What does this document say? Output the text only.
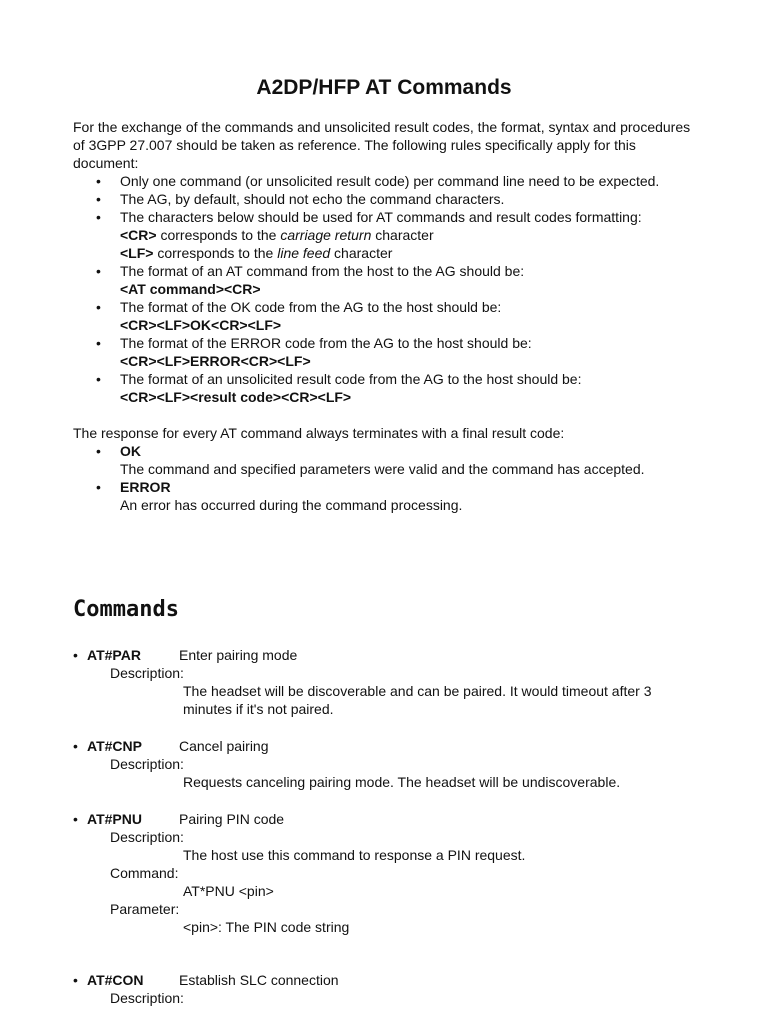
A2DP/HFP AT Commands

For the exchange of the commands and unsolicited result codes, the format, syntax and procedures of 3GPP 27.007 should be taken as reference. The following rules specifically apply for this document:

• Only one command (or unsolicited result code) per command line need to be expected.
• The AG, by default, should not echo the command characters.
• The characters below should be used for AT commands and result codes formatting:
<CR> corresponds to the carriage return character
<LF> corresponds to the line feed character
• The format of an AT command from the host to the AG should be:
<AT command><CR>
• The format of the OK code from the AG to the host should be:
<CR><LF>OK<CR><LF>
• The format of the ERROR code from the AG to the host should be:
<CR><LF>ERROR<CR><LF>
• The format of an unsolicited result code from the AG to the host should be:
<CR><LF><result code><CR><LF>

The response for every AT command always terminates with a final result code:

• OK
The command and specified parameters were valid and the command has accepted.
• ERROR
An error has occurred during the command processing.
Commands
• AT#PAR	Enter pairing mode
Description:
The headset will be discoverable and can be paired. It would timeout after 3 minutes if it's not paired.
• AT#CNP	Cancel pairing
Description:
Requests canceling pairing mode. The headset will be undiscoverable.
• AT#PNU	Pairing PIN code
Description:
The host use this command to response a PIN request.
Command:
AT*PNU <pin>
Parameter:
<pin>: The PIN code string
• AT#CON	Establish SLC connection
Description:
